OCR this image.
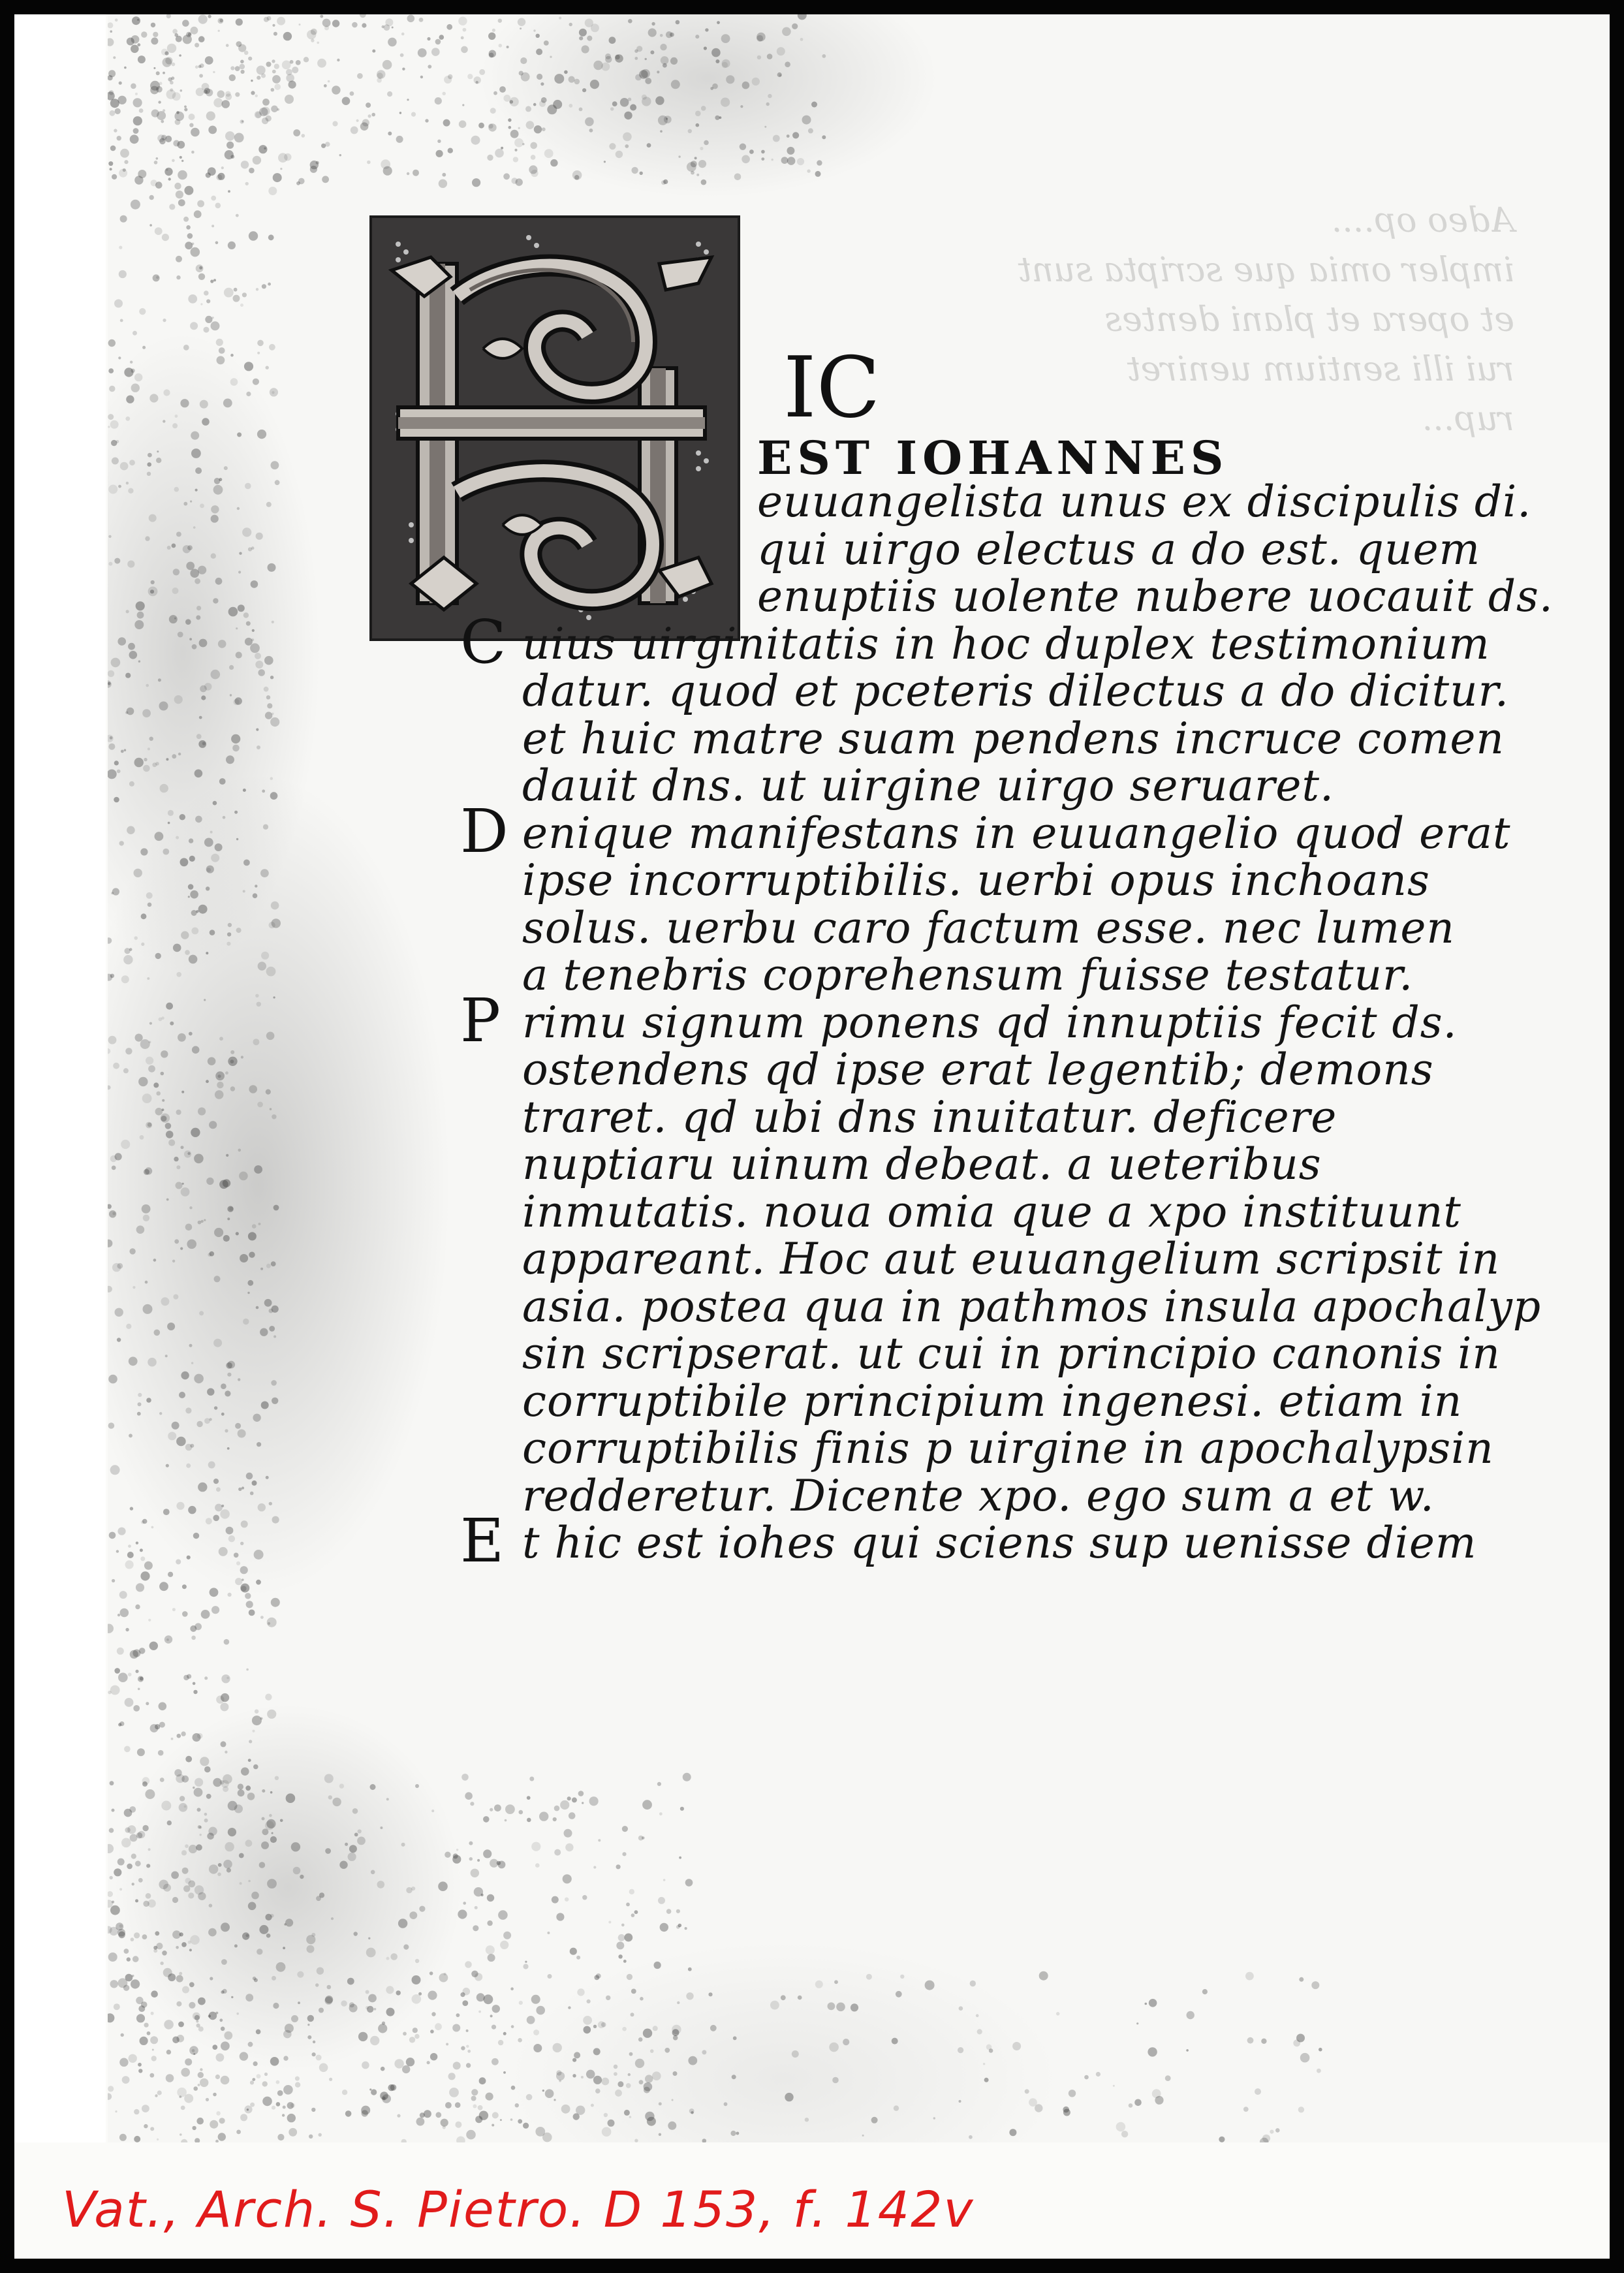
Adeo op....
impler omia que scripta sunt
et opera et plani dentes
rui illi sentium ueniret
rup...
IC
EST IOHANNES
euuangelista unus ex discipulis di.
qui uirgo electus a do est. quem
enuptiis uolente nubere uocauit ds.
C uius uirginitatis in hoc duplex testimonium
datur. quod et pceteris dilectus a do dicitur.
et huic matre suam pendens incruce comen
dauit dns. ut uirgine uirgo seruaret.
D enique manifestans in euuangelio quod erat
ipse incorruptibilis. uerbi opus inchoans
solus. uerbu caro factum esse. nec lumen
a tenebris coprehensum fuisse testatur.
P rimu signum ponens qd innuptiis fecit ds.
ostendens qd ipse erat legentib; demons
traret. qd ubi dns inuitatur. deficere
nuptiaru uinum debeat. a ueteribus
inmutatis. noua omia que a xpo instituunt
appareant. Hoc aut euuangelium scripsit in
asia. postea qua in pathmos insula apochalyp
sin scripserat. ut cui in principio canonis in
corruptibile principium ingenesi. etiam in
corruptibilis finis p uirgine in apochalypsin
redderetur. Dicente xpo. ego sum a et w.
E t hic est iohes qui sciens sup uenisse diem
Vat., Arch. S. Pietro. D 153, f. 142v
